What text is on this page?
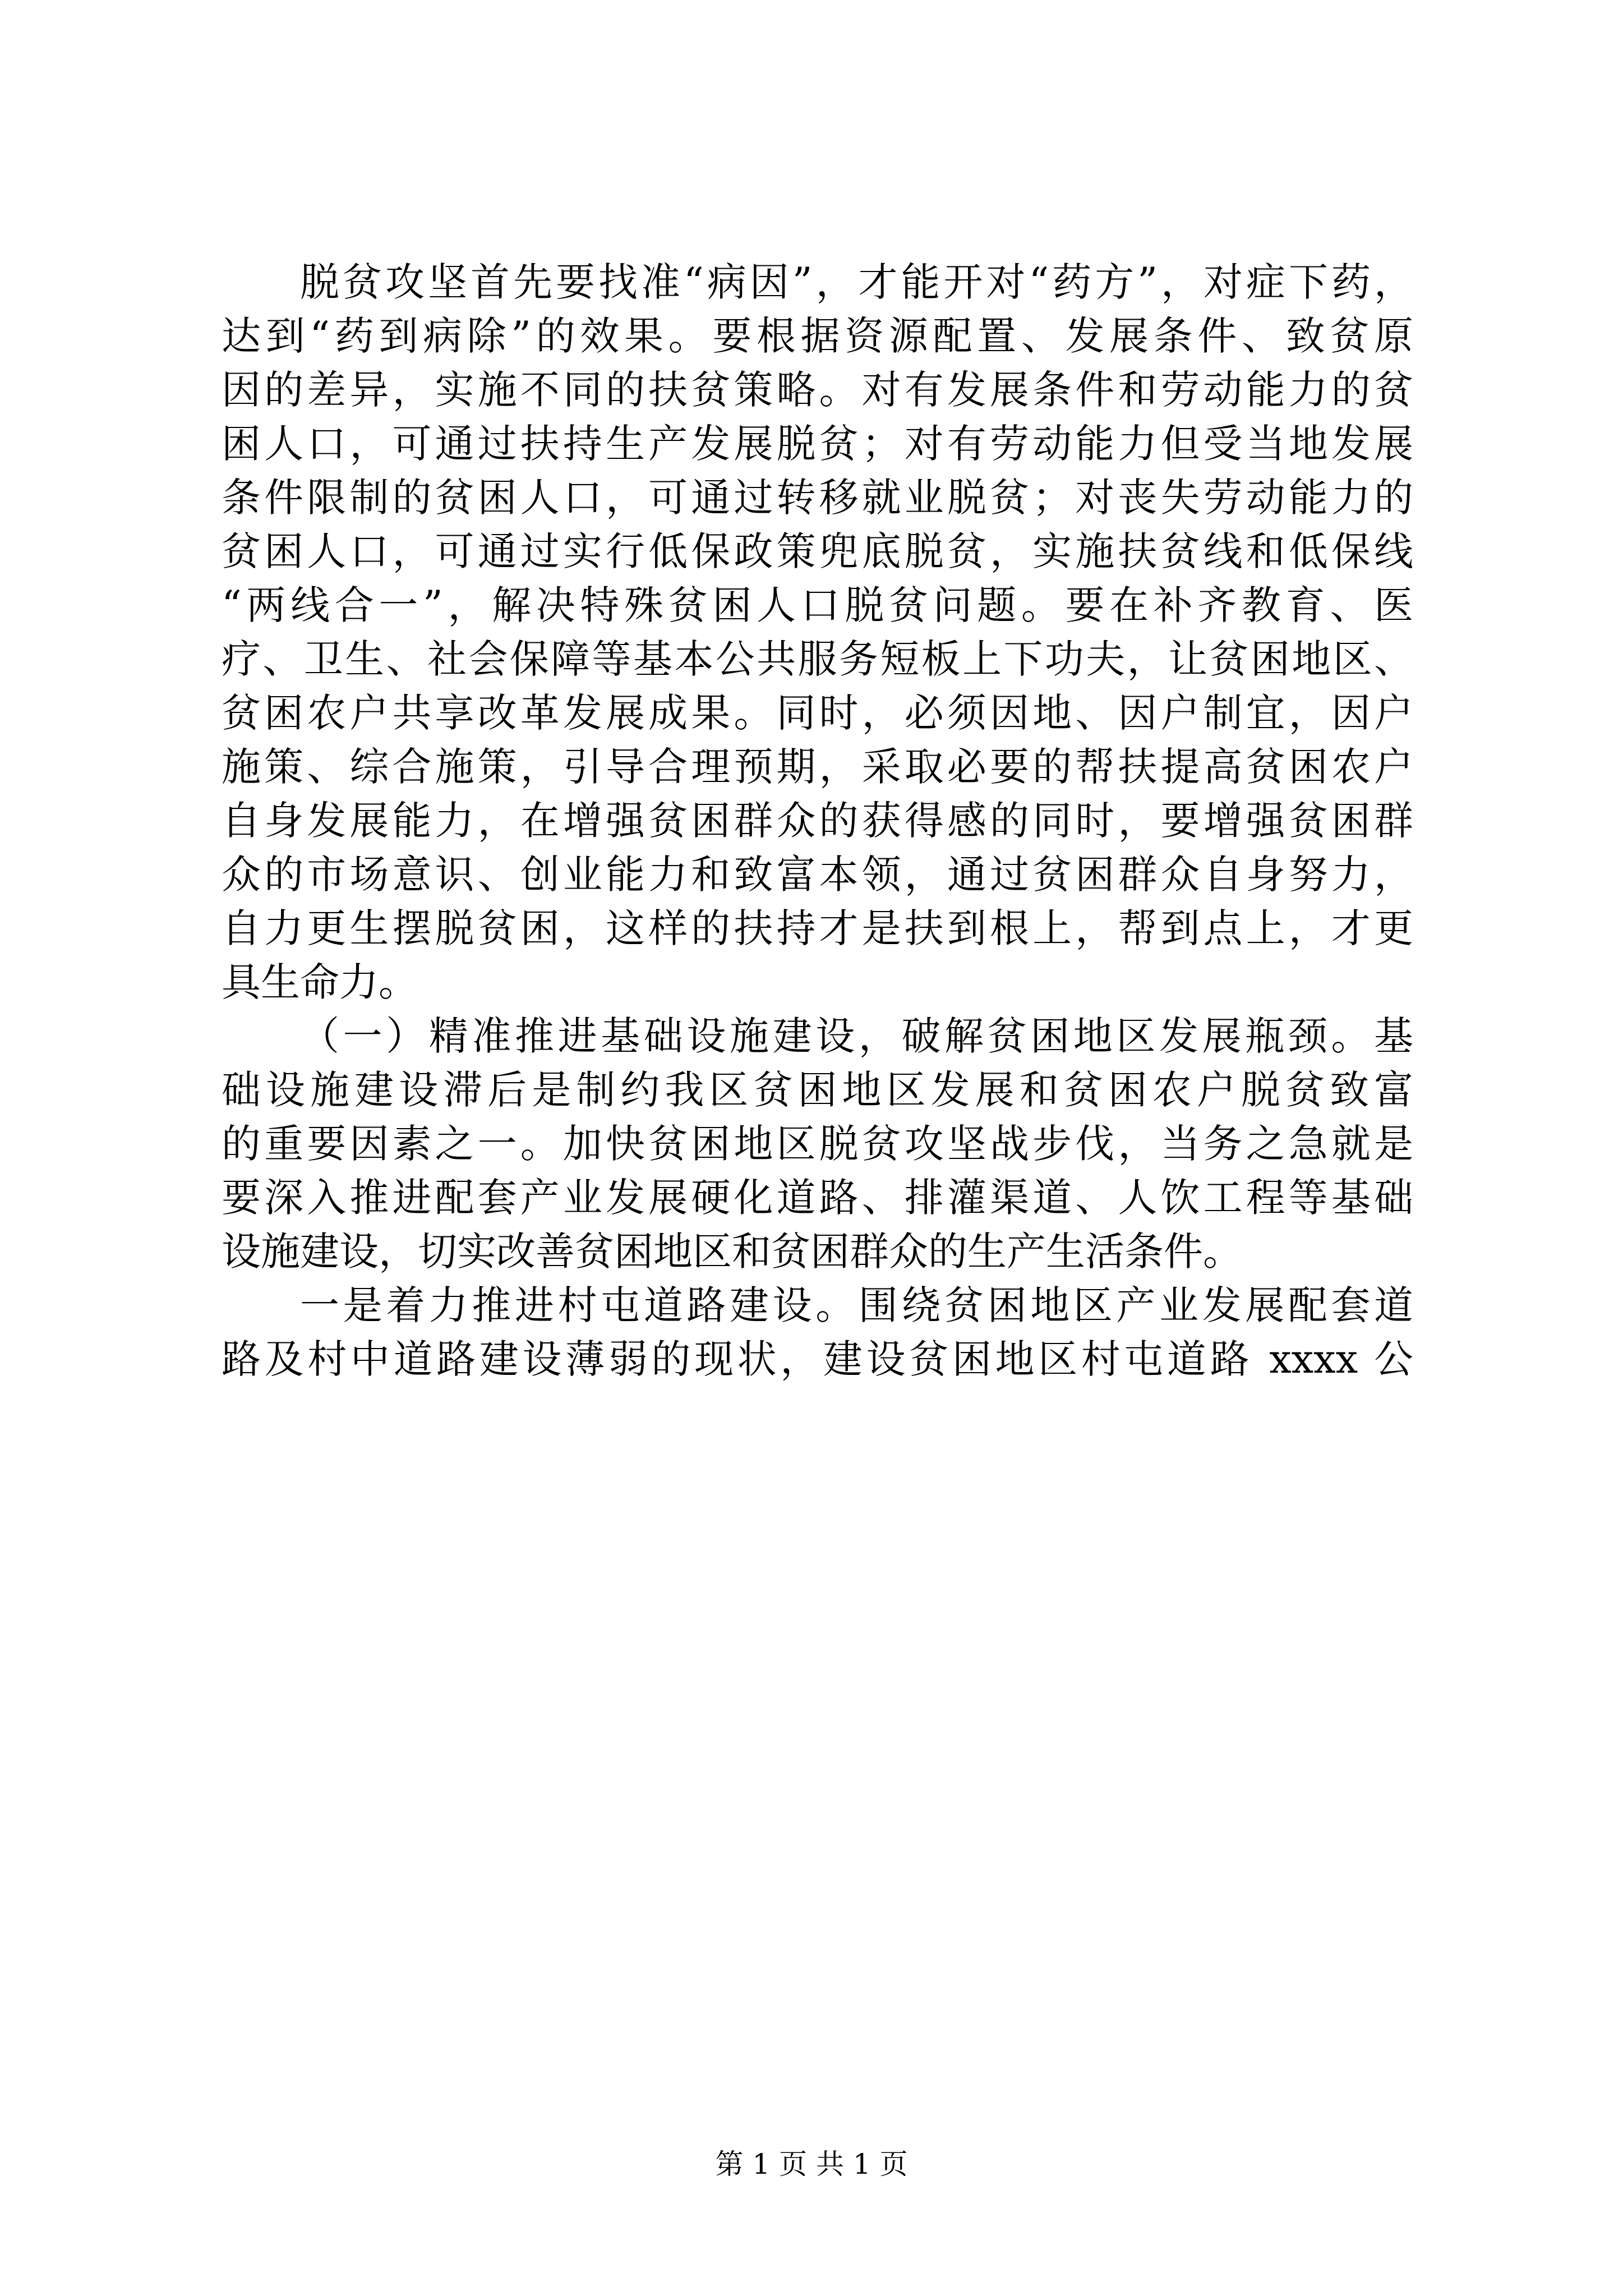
脱贫攻坚首先要找准“病因”，才能开对“药方”，对症下药，
达到“药到病除”的效果。要根据资源配置、发展条件、致贫原
因的差异，实施不同的扶贫策略。对有发展条件和劳动能力的贫
困人口，可通过扶持生产发展脱贫；对有劳动能力但受当地发展
条件限制的贫困人口，可通过转移就业脱贫；对丧失劳动能力的
贫困人口，可通过实行低保政策兜底脱贫，实施扶贫线和低保线
“两线合一”，解决特殊贫困人口脱贫问题。要在补齐教育、医
疗、卫生、社会保障等基本公共服务短板上下功夫，让贫困地区、
贫困农户共享改革发展成果。同时，必须因地、因户制宜，因户
施策、综合施策，引导合理预期，采取必要的帮扶提高贫困农户
自身发展能力，在增强贫困群众的获得感的同时，要增强贫困群
众的市场意识、创业能力和致富本领，通过贫困群众自身努力，
自力更生摆脱贫困，这样的扶持才是扶到根上，帮到点上，才更
具生命力。
（一）精准推进基础设施建设，破解贫困地区发展瓶颈。基
础设施建设滞后是制约我区贫困地区发展和贫困农户脱贫致富
的重要因素之一。加快贫困地区脱贫攻坚战步伐，当务之急就是
要深入推进配套产业发展硬化道路、排灌渠道、人饮工程等基础
设施建设，切实改善贫困地区和贫困群众的生产生活条件。
一是着力推进村屯道路建设。围绕贫困地区产业发展配套道
路及村中道路建设薄弱的现状，建设贫困地区村屯道路 xxxx 公
第 1 页 共 1 页
